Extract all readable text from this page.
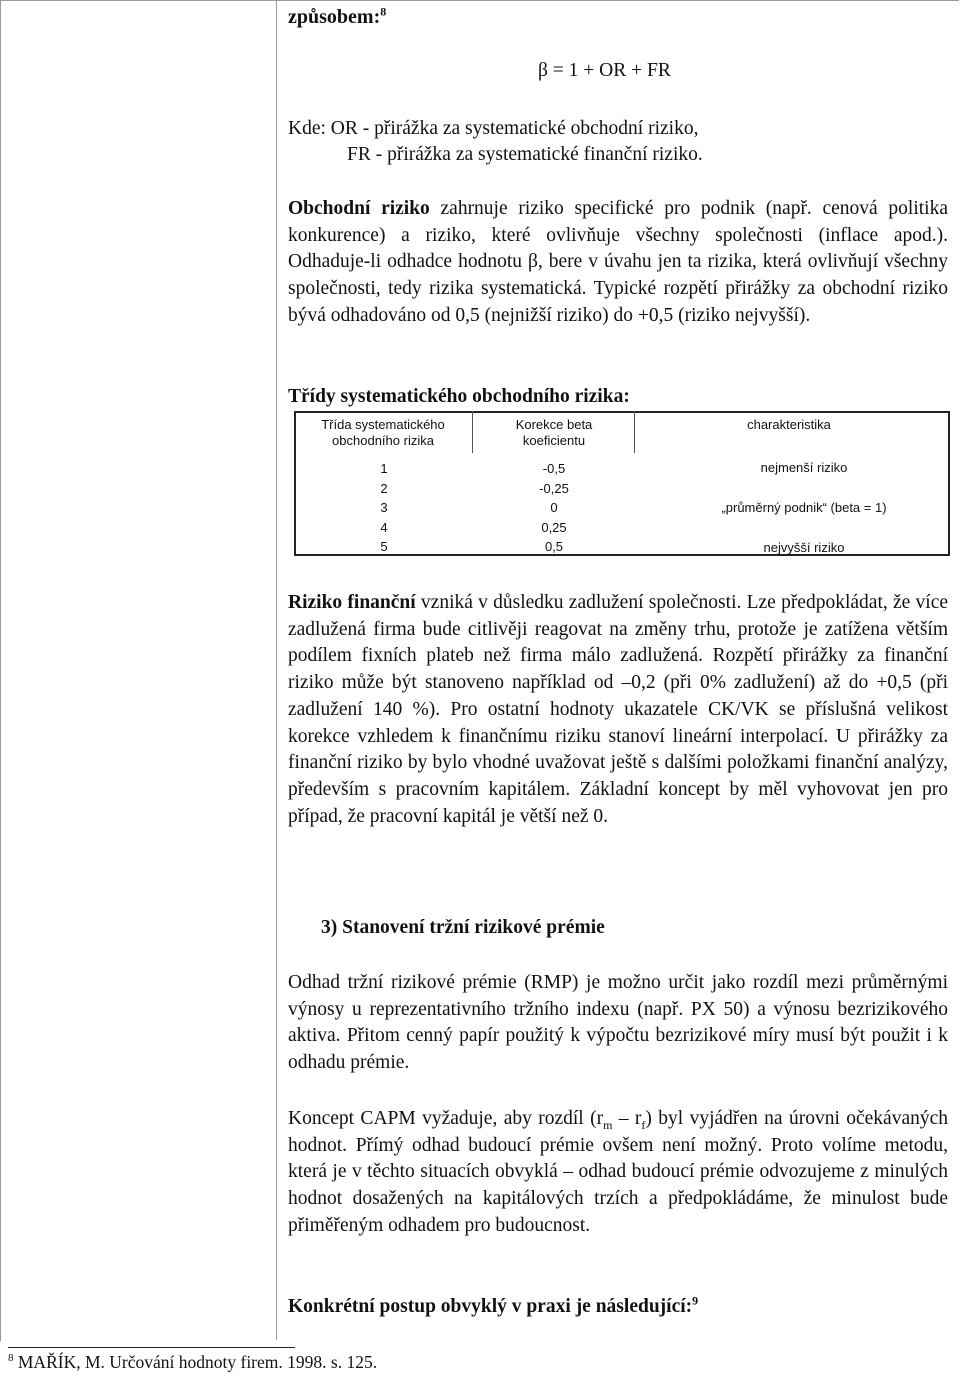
způsobem:$^8$
β = 1 + OR + FR
Kde: OR - přirážka za systematické obchodní riziko,
FR - přirážka za systematické finanční riziko.

Obchodní riziko zahrnuje riziko specifické pro podnik (např. cenová politika konkurence) a riziko, které ovlivňuje všechny společnosti (inflace apod.). Odhaduje-li odhadce hodnotu β, bere v úvahu jen ta rizika, která ovlivňují všechny společnosti, tedy rizika systematická. Typické rozpětí přirážky za obchodní riziko bývá odhadováno od 0,5 (nejnižší riziko) do +0,5 (riziko nejvyšší).

Třídy systematického obchodního rizika:
Třída systematického obchodního rizika
Korekce beta koeficientu
charakteristika
1
2
3
4
5
-0,5
-0,25
0
0,25
0,5
nejmenší riziko
„průměrný podnik“ (beta = 1)
nejvyšší riziko

Riziko finanční vzniká v důsledku zadlužení společnosti. Lze předpokládat, že více zadlužená firma bude citlivěji reagovat na změny trhu, protože je zatížena větším podílem fixních plateb než firma málo zadlužená. Rozpětí přirážky za finanční riziko může být stanoveno například od –0,2 (při 0% zadlužení) až do +0,5 (při zadlužení 140 %). Pro ostatní hodnoty ukazatele CK/VK se příslušná velikost korekce vzhledem k finančnímu riziku stanoví lineární interpolací. U přirážky za finanční riziko by bylo vhodné uvažovat ještě s dalšími položkami finanční analýzy, především s pracovním kapitálem. Základní koncept by měl vyhovovat jen pro případ, že pracovní kapitál je větší než 0.

3) Stanovení tržní rizikové prémie

Odhad tržní rizikové prémie (RMP) je možno určit jako rozdíl mezi průměrnými výnosy u reprezentativního tržního indexu (např. PX 50) a výnosu bezrizikového aktiva. Přitom cenný papír použitý k výpočtu bezrizikové míry musí být použit i k odhadu prémie.

Koncept CAPM vyžaduje, aby rozdíl $(r_m - r_f)$ byl vyjádřen na úrovni očekávaných hodnot. Přímý odhad budoucí prémie ovšem není možný. Proto volíme metodu, která je v těchto situacích obvyklá – odhad budoucí prémie odvozujeme z minulých hodnot dosažených na kapitálových trzích a předpokládáme, že minulost bude přiměřeným odhadem pro budoucnost.

Konkrétní postup obvyklý v praxi je následující:$^9$
$^8$ MAŘÍK, M. Určování hodnoty firem. 1998. s. 125.
